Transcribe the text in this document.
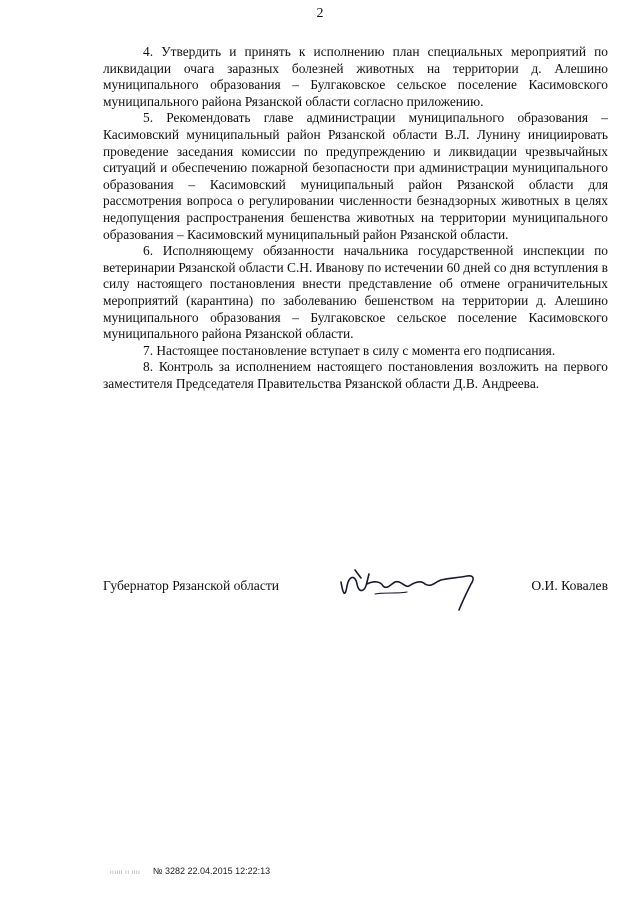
2

4. Утвердить и принять к исполнению план специальных мероприятий по ликвидации очага заразных болезней животных на территории д. Алешино муниципального образования – Булгаковское сельское поселение Касимовского муниципального района Рязанской области согласно приложению.

5. Рекомендовать главе администрации муниципального образования – Касимовский муниципальный район Рязанской области В.Л. Лунину инициировать проведение заседания комиссии по предупреждению и ликвидации чрезвычайных ситуаций и обеспечению пожарной безопасности при администрации муниципального образования – Касимовский муниципальный район Рязанской области для рассмотрения вопроса о регулировании численности безнадзорных животных в целях недопущения распространения бешенства животных на территории муниципального образования – Касимовский муниципальный район Рязанской области.

6. Исполняющему обязанности начальника государственной инспекции по ветеринарии Рязанской области С.Н. Иванову по истечении 60 дней со дня вступления в силу настоящего постановления внести представление об отмене ограничительных мероприятий (карантина) по заболеванию бешенством на территории д. Алешино муниципального образования – Булгаковское сельское поселение Касимовского муниципального района Рязанской области.

7. Настоящее постановление вступает в силу с момента его подписания.

8. Контроль за исполнением настоящего постановления возложить на первого заместителя Председателя Правительства Рязанской области Д.В. Андреева.

Губернатор Рязанской области	О.И. Ковалев
ıııııı ıı ıııı № 3282 22.04.2015 12:22:13
